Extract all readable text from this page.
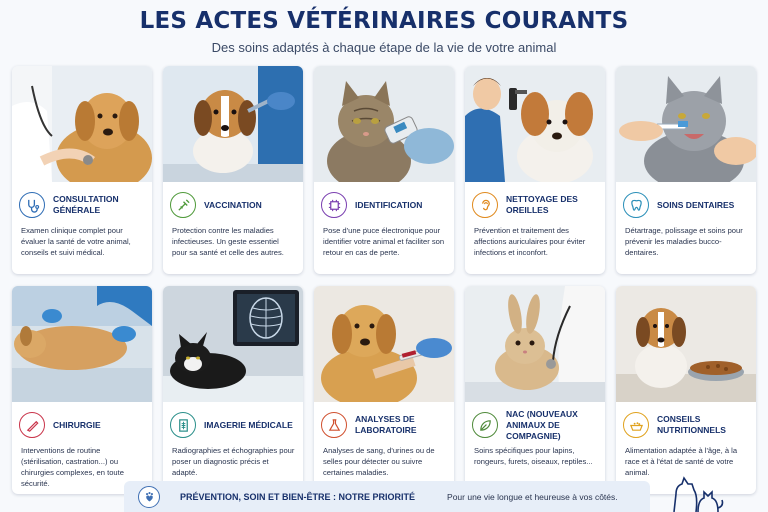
LES ACTES VÉTÉRINAIRES COURANTS
Des soins adaptés à chaque étape de la vie de votre animal
CONSULTATION GÉNÉRALE
Examen clinique complet pour évaluer la santé de votre animal, conseils et suivi médical.
VACCINATION
Protection contre les maladies infectieuses. Un geste essentiel pour sa santé et celle des autres.
IDENTIFICATION
Pose d'une puce électronique pour identifier votre animal et faciliter son retour en cas de perte.
NETTOYAGE DES OREILLES
Prévention et traitement des affections auriculaires pour éviter infections et inconfort.
SOINS DENTAIRES
Détartrage, polissage et soins pour prévenir les maladies bucco-dentaires.
CHIRURGIE
Interventions de routine (stérilisation, castration...) ou chirurgies complexes, en toute sécurité.
IMAGERIE MÉDICALE
Radiographies et échographies pour poser un diagnostic précis et adapté.
ANALYSES DE LABORATOIRE
Analyses de sang, d'urines ou de selles pour détecter ou suivre certaines maladies.
NAC (NOUVEAUX ANIMAUX DE COMPAGNIE)
Soins spécifiques pour lapins, rongeurs, furets, oiseaux, reptiles...
CONSEILS NUTRITIONNELS
Alimentation adaptée à l'âge, à la race et à l'état de santé de votre animal.
PRÉVENTION, SOIN ET BIEN-ÊTRE : NOTRE PRIORITÉ	Pour une vie longue et heureuse à vos côtés.
